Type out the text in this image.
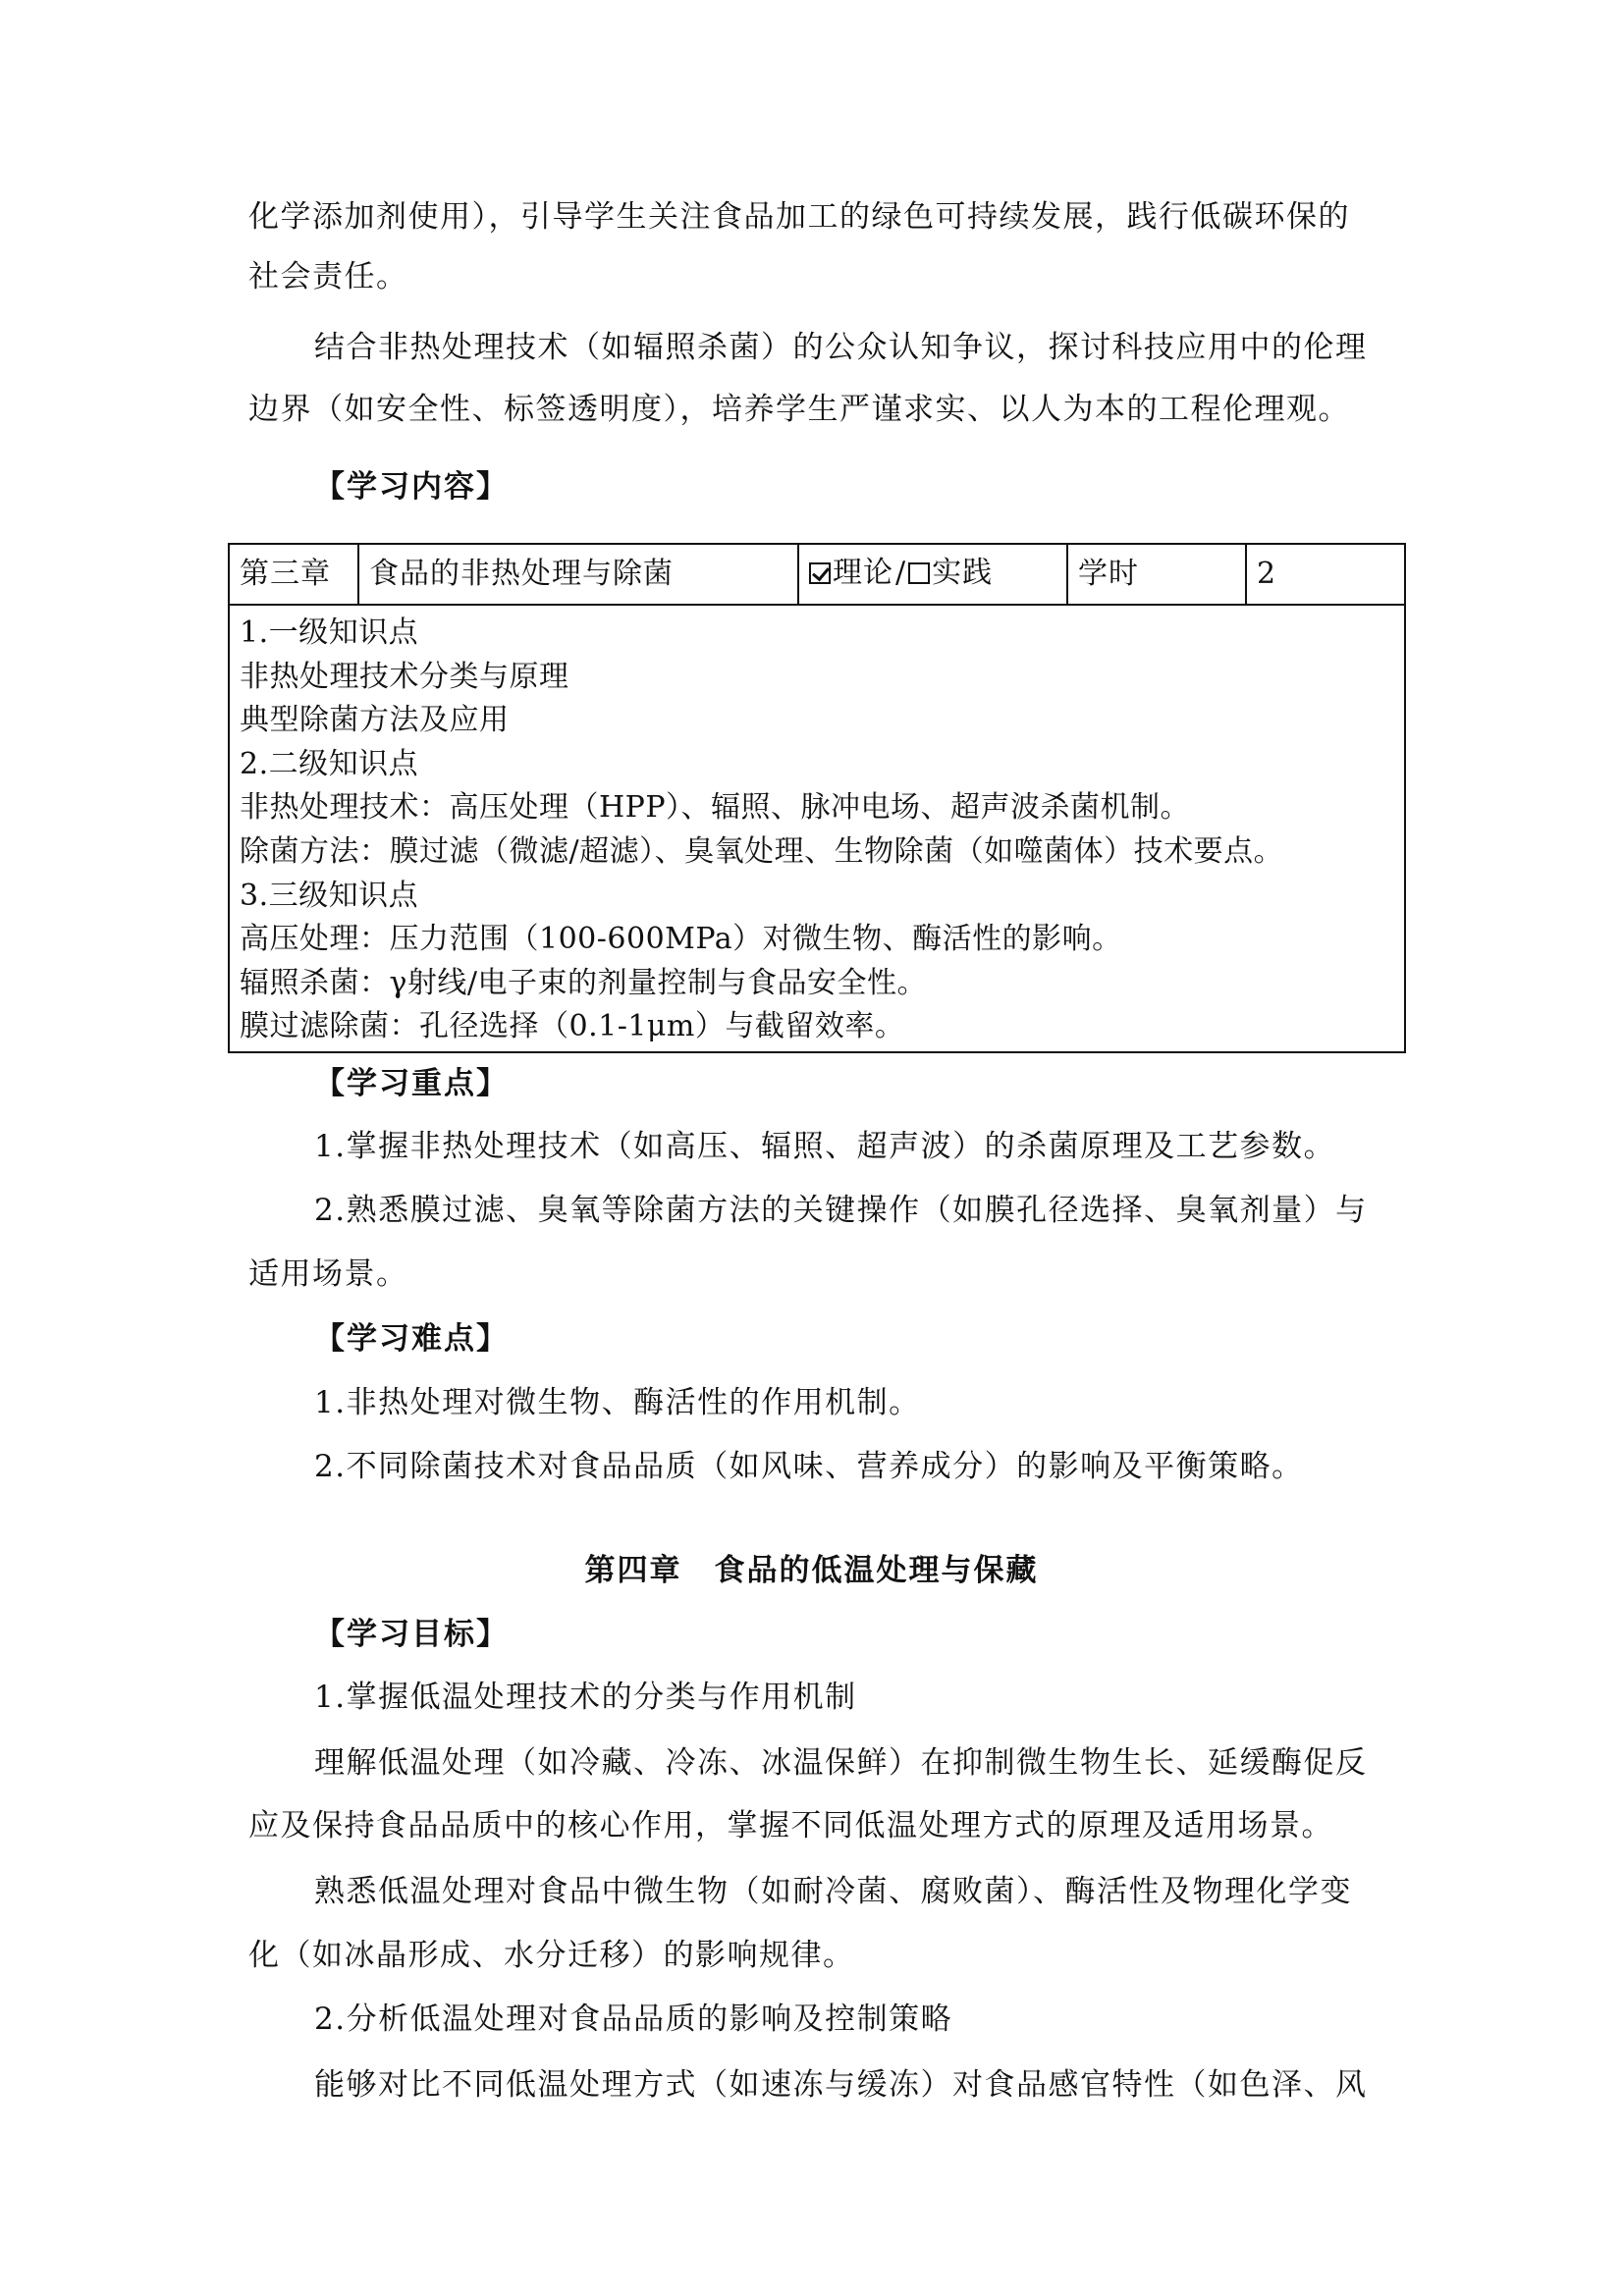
化学添加剂使用），引导学生关注食品加工的绿色可持续发展，践行低碳环保的
社会责任。
结合非热处理技术（如辐照杀菌）的公众认知争议，探讨科技应用中的伦理
边界（如安全性、标签透明度），培养学生严谨求实、以人为本的工程伦理观。
【学习内容】
第三章	食品的非热处理与除菌	理论 / 实践	学时	2

1.一级知识点
非热处理技术分类与原理
典型除菌方法及应用
2.二级知识点
非热处理技术：高压处理（HPP）、辐照、脉冲电场、超声波杀菌机制。
除菌方法：膜过滤（微滤/超滤）、臭氧处理、生物除菌（如噬菌体）技术要点。
3.三级知识点
高压处理：压力范围（100-600MPa）对微生物、酶活性的影响。
辐照杀菌：γ射线/电子束的剂量控制与食品安全性。
膜过滤除菌：孔径选择（0.1-1μm）与截留效率。
【学习重点】
1.掌握非热处理技术（如高压、辐照、超声波）的杀菌原理及工艺参数。
2.熟悉膜过滤、臭氧等除菌方法的关键操作（如膜孔径选择、臭氧剂量）与
适用场景。
【学习难点】
1.非热处理对微生物、酶活性的作用机制。
2.不同除菌技术对食品品质（如风味、营养成分）的影响及平衡策略。
第四章　食品的低温处理与保藏
【学习目标】
1.掌握低温处理技术的分类与作用机制
理解低温处理（如冷藏、冷冻、冰温保鲜）在抑制微生物生长、延缓酶促反
应及保持食品品质中的核心作用，掌握不同低温处理方式的原理及适用场景。
熟悉低温处理对食品中微生物（如耐冷菌、腐败菌）、酶活性及物理化学变
化（如冰晶形成、水分迁移）的影响规律。
2.分析低温处理对食品品质的影响及控制策略
能够对比不同低温处理方式（如速冻与缓冻）对食品感官特性（如色泽、风
